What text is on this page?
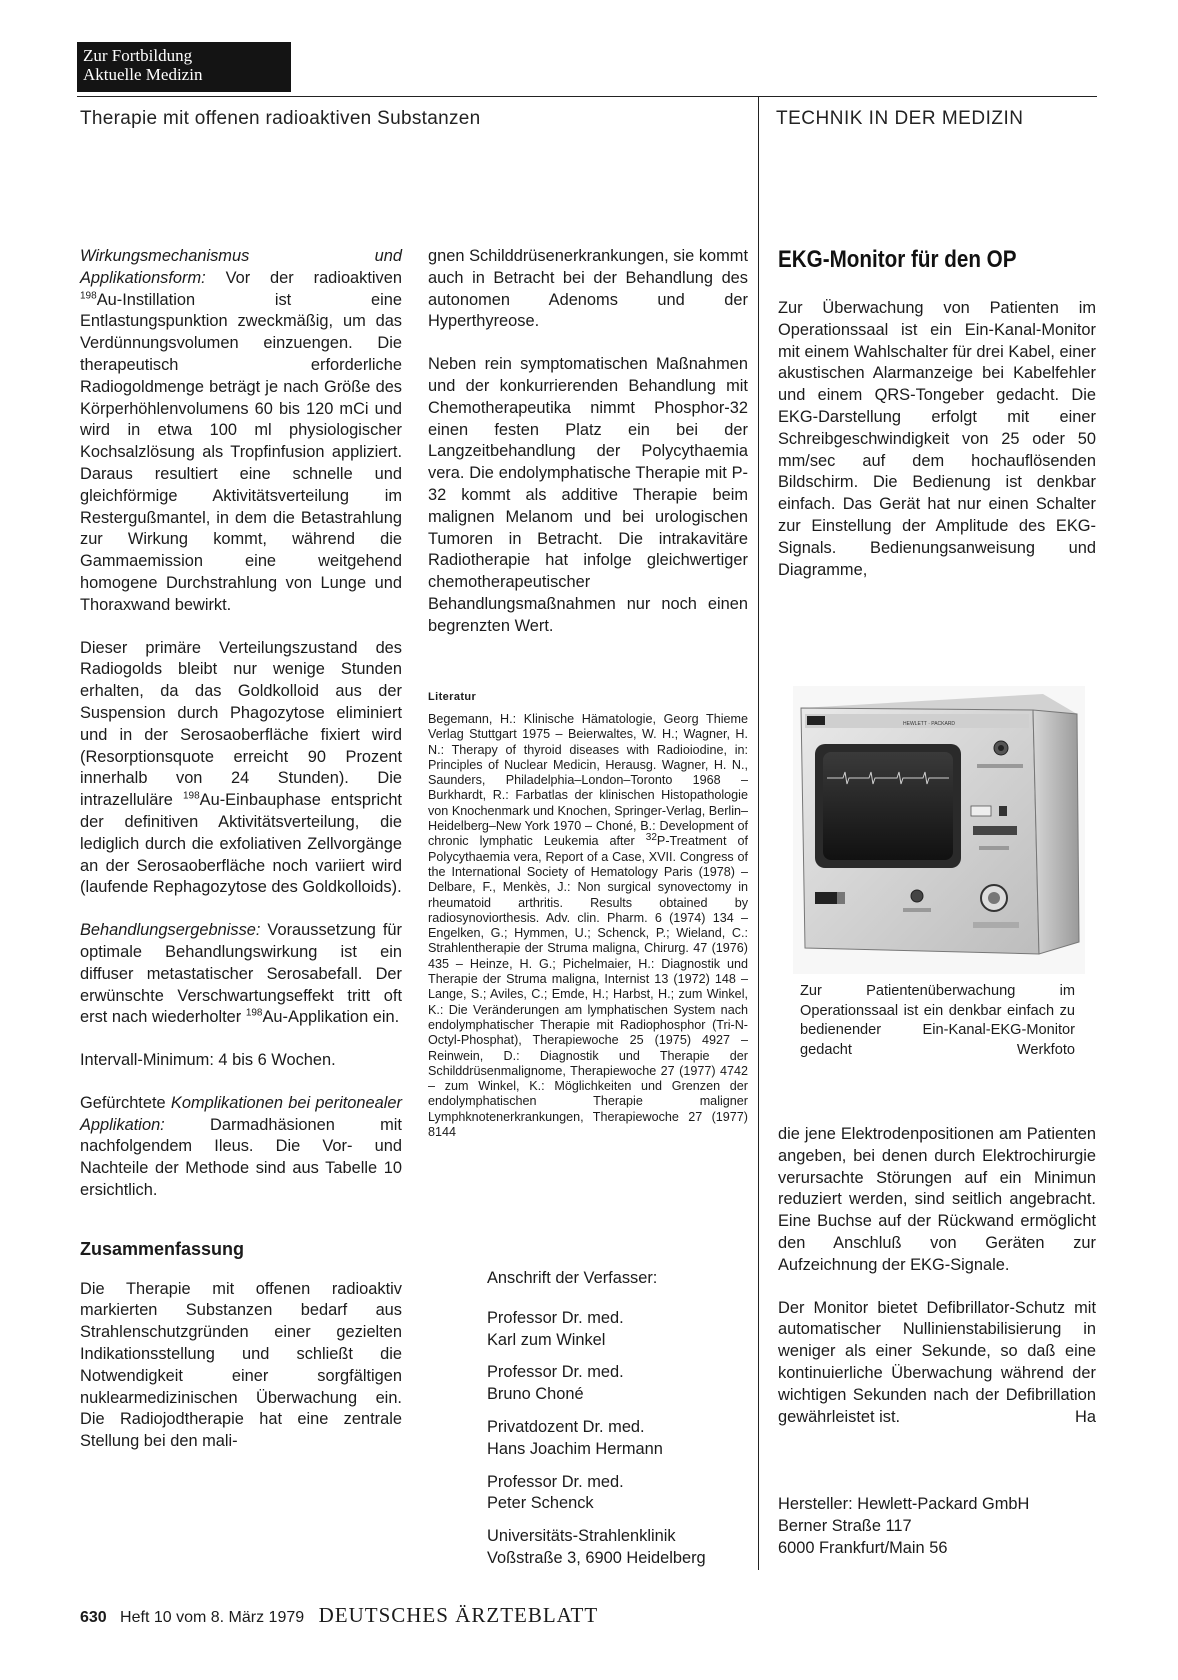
Zur Fortbildung
Aktuelle Medizin
Therapie mit offenen radioaktiven Substanzen	TECHNIK IN DER MEDIZIN

Wirkungsmechanismus und Applikationsform: Vor der radioaktiven $^{198}$Au-Instillation ist eine Entlastungspunktion zweckmäßig, um das Verdünnungsvolumen einzuengen. Die therapeutisch erforderliche Radiogoldmenge beträgt je nach Größe des Körperhöhlenvolumens 60 bis 120 mCi und wird in etwa 100 ml physiologischer Kochsalzlösung als Tropfinfusion appliziert. Daraus resultiert eine schnelle und gleichförmige Aktivitätsverteilung im Restergußmantel, in dem die Betastrahlung zur Wirkung kommt, während die Gammaemission eine weitgehend homogene Durchstrahlung von Lunge und Thoraxwand bewirkt.

Dieser primäre Verteilungszustand des Radiogolds bleibt nur wenige Stunden erhalten, da das Goldkolloid aus der Suspension durch Phagozytose eliminiert und in der Serosaoberfläche fixiert wird (Resorptionsquote erreicht 90 Prozent innerhalb von 24 Stunden). Die intrazelluläre $^{198}$Au-Einbauphase entspricht der definitiven Aktivitätsverteilung, die lediglich durch die exfoliativen Zellvorgänge an der Serosaoberfläche noch variiert wird (laufende Rephagozytose des Goldkolloids).

Behandlungsergebnisse: Voraussetzung für optimale Behandlungswirkung ist ein diffuser metastatischer Serosabefall. Der erwünschte Verschwartungseffekt tritt oft erst nach wiederholter $^{198}$Au-Applikation ein.

Intervall-Minimum: 4 bis 6 Wochen.

Gefürchtete Komplikationen bei peritonealer Applikation: Darmadhäsionen mit nachfolgendem Ileus. Die Vor- und Nachteile der Methode sind aus Tabelle 10 ersichtlich.

Zusammenfassung

Die Therapie mit offenen radioaktiv markierten Substanzen bedarf aus Strahlenschutzgründen einer gezielten Indikationsstellung und schließt die Notwendigkeit einer sorgfältigen nuklearmedizinischen Überwachung ein. Die Radiojodtherapie hat eine zentrale Stellung bei den mali-

gnen Schilddrüsenerkrankungen, sie kommt auch in Betracht bei der Behandlung des autonomen Adenoms und der Hyperthyreose.

Neben rein symptomatischen Maßnahmen und der konkurrierenden Behandlung mit Chemotherapeutika nimmt Phosphor-32 einen festen Platz ein bei der Langzeitbehandlung der Polycythaemia vera. Die endolymphatische Therapie mit P-32 kommt als additive Therapie beim malignen Melanom und bei urologischen Tumoren in Betracht. Die intrakavitäre Radiotherapie hat infolge gleichwertiger chemotherapeutischer Behandlungsmaßnahmen nur noch einen begrenzten Wert.

Literatur

Begemann, H.: Klinische Hämatologie, Georg Thieme Verlag Stuttgart 1975 – Beierwaltes, W. H.; Wagner, H. N.: Therapy of thyroid diseases with Radioiodine, in: Principles of Nuclear Medicin, Herausg. Wagner, H. N., Saunders, Philadelphia–London–Toronto 1968 – Burkhardt, R.: Farbatlas der klinischen Histopathologie von Knochenmark und Knochen, Springer-Verlag, Berlin–Heidelberg–New York 1970 – Choné, B.: Development of chronic lymphatic Leukemia after $^{32}$P-Treatment of Polycythaemia vera, Report of a Case, XVII. Congress of the International Society of Hematology Paris (1978) – Delbare, F., Menkès, J.: Non surgical synovectomy in rheumatoid arthritis. Results obtained by radiosynoviorthesis. Adv. clin. Pharm. 6 (1974) 134 – Engelken, G.; Hymmen, U.; Schenck, P.; Wieland, C.: Strahlentherapie der Struma maligna, Chirurg. 47 (1976) 435 – Heinze, H. G.; Pichelmaier, H.: Diagnostik und Therapie der Struma maligna, Internist 13 (1972) 148 – Lange, S.; Aviles, C.; Emde, H.; Harbst, H.; zum Winkel, K.: Die Veränderungen am lymphatischen System nach endolymphatischer Therapie mit Radiophosphor (Tri-N-Octyl-Phosphat), Therapiewoche 25 (1975) 4927 – Reinwein, D.: Diagnostik und Therapie der Schilddrüsenmalignome, Therapiewoche 27 (1977) 4742 – zum Winkel, K.: Möglichkeiten und Grenzen der endolymphatischen Therapie maligner Lymphknotenerkrankungen, Therapiewoche 27 (1977) 8144

Anschrift der Verfasser:

Professor Dr. med.
Karl zum Winkel

Professor Dr. med.
Bruno Choné

Privatdozent Dr. med.
Hans Joachim Hermann

Professor Dr. med.
Peter Schenck

Universitäts-Strahlenklinik
Voßstraße 3, 6900 Heidelberg

EKG-Monitor für den OP

Zur Überwachung von Patienten im Operationssaal ist ein Ein-Kanal-Monitor mit einem Wahlschalter für drei Kabel, einer akustischen Alarmanzeige bei Kabelfehler und einem QRS-Tongeber gedacht. Die EKG-Darstellung erfolgt mit einer Schreibgeschwindigkeit von 25 oder 50 mm/sec auf dem hochauflösenden Bildschirm. Die Bedienung ist denkbar einfach. Das Gerät hat nur einen Schalter zur Einstellung der Amplitude des EKG-Signals. Bedienungsanweisung und Diagramme,

HEWLETT · PACKARD
Zur Patientenüberwachung im Operationssaal ist ein denkbar einfach zu bedienender Ein-Kanal-EKG-Monitor gedacht	Werkfoto

die jene Elektrodenpositionen am Patienten angeben, bei denen durch Elektrochirurgie verursachte Störungen auf ein Minimun reduziert werden, sind seitlich angebracht. Eine Buchse auf der Rückwand ermöglicht den Anschluß von Geräten zur Aufzeichnung der EKG-Signale.

Der Monitor bietet Defibrillator-Schutz mit automatischer Nullinienstabilisierung in weniger als einer Sekunde, so daß eine kontinuierliche Überwachung während der wichtigen Sekunden nach der Defibrillation gewährleistet ist.	Ha

Hersteller: Hewlett-Packard GmbH

Berner Straße 117

6000 Frankfurt/Main 56

630 Heft 10 vom 8. März 1979 DEUTSCHES ÄRZTEBLATT
